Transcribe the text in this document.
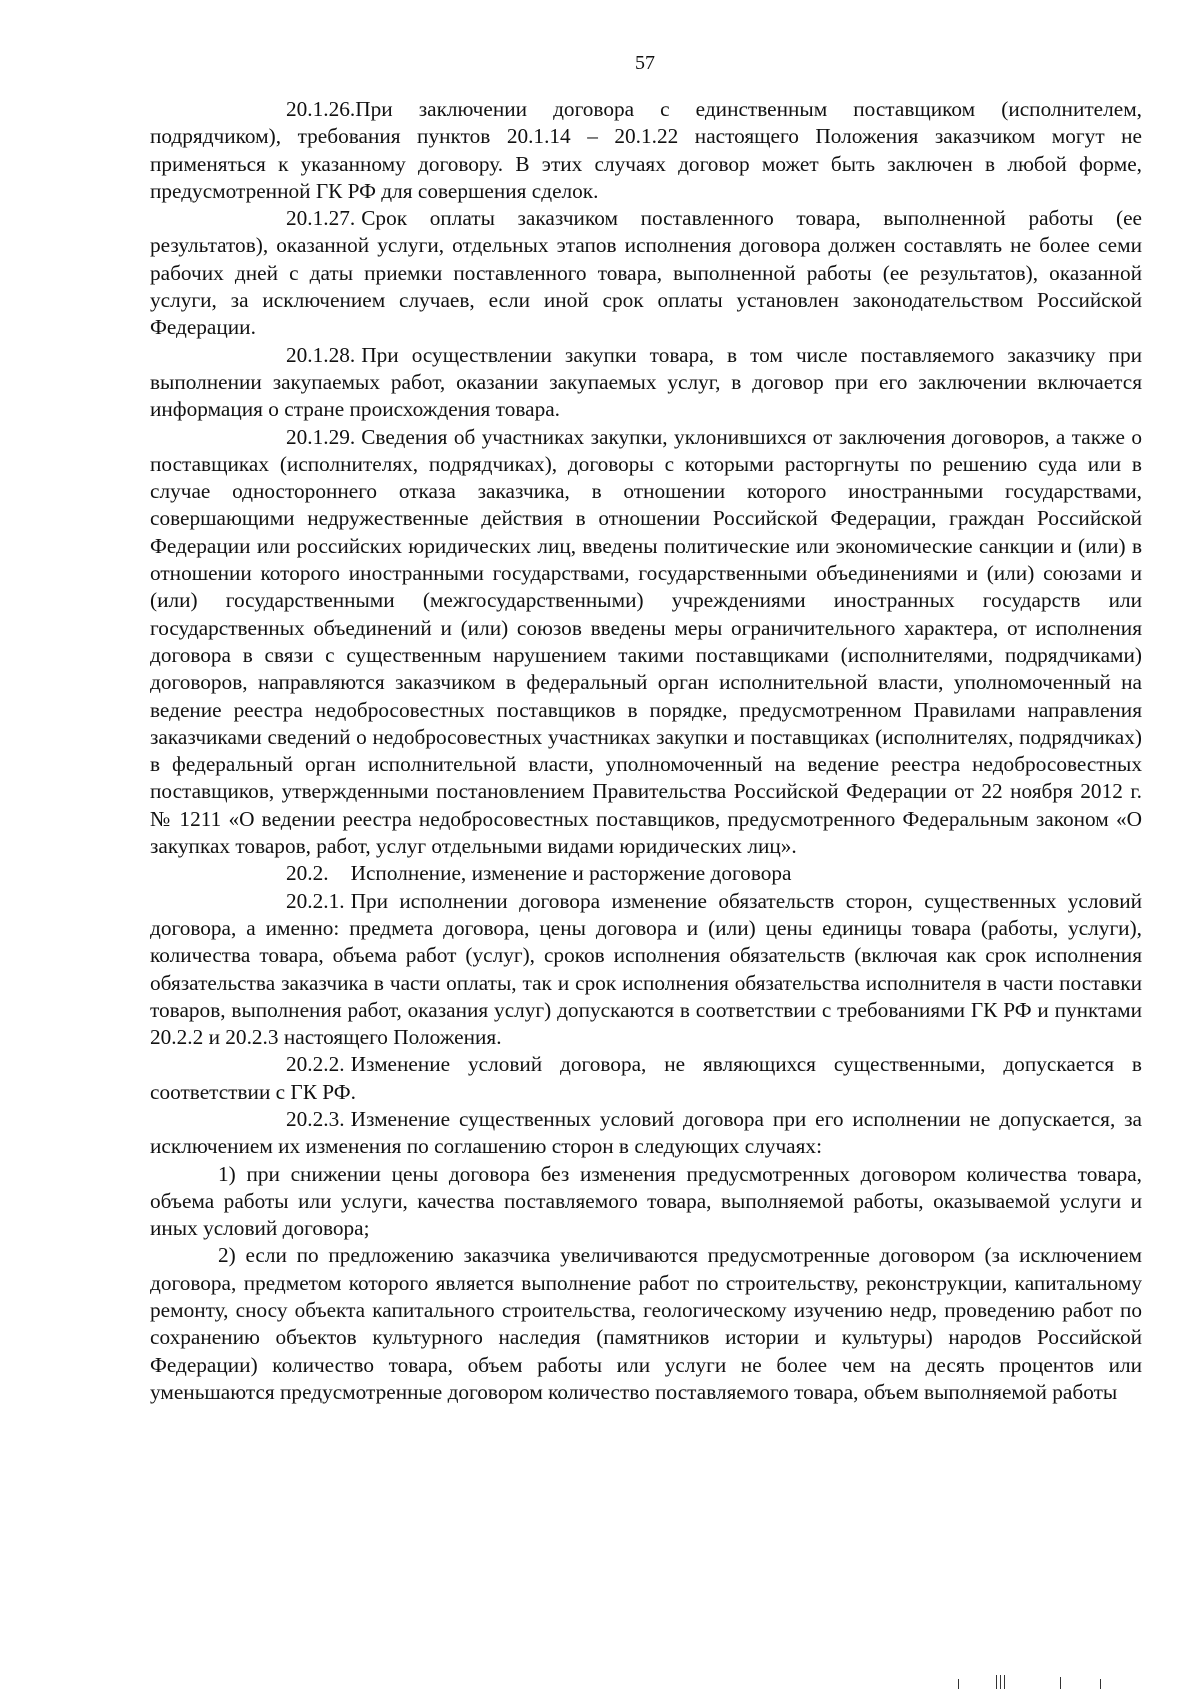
57

20.1.26.При заключении договора с единственным поставщиком (исполнителем, подрядчиком), требования пунктов 20.1.14 – 20.1.22 настоящего Положения заказчиком могут не применяться к указанному договору. В этих случаях договор может быть заключен в любой форме, предусмотренной ГК РФ для совершения сделок.

20.1.27. Срок оплаты заказчиком поставленного товара, выполненной работы (ее результатов), оказанной услуги, отдельных этапов исполнения договора должен составлять не более семи рабочих дней с даты приемки поставленного товара, выполненной работы (ее результатов), оказанной услуги, за исключением случаев, если иной срок оплаты установлен законодательством Российской Федерации.

20.1.28. При осуществлении закупки товара, в том числе поставляемого заказчику при выполнении закупаемых работ, оказании закупаемых услуг, в договор при его заключении включается информация о стране происхождения товара.

20.1.29. Сведения об участниках закупки, уклонившихся от заключения договоров, а также о поставщиках (исполнителях, подрядчиках), договоры с которыми расторгнуты по решению суда или в случае одностороннего отказа заказчика, в отношении которого иностранными государствами, совершающими недружественные действия в отношении Российской Федерации, граждан Российской Федерации или российских юридических лиц, введены политические или экономические санкции и (или) в отношении которого иностранными государствами, государственными объединениями и (или) союзами и (или) государственными (межгосударственными) учреждениями иностранных государств или государственных объединений и (или) союзов введены меры ограничительного характера, от исполнения договора в связи с существенным нарушением такими поставщиками (исполнителями, подрядчиками) договоров, направляются заказчиком в федеральный орган исполнительной власти, уполномоченный на ведение реестра недобросовестных поставщиков в порядке, предусмотренном Правилами направления заказчиками сведений о недобросовестных участниках закупки и поставщиках (исполнителях, подрядчиках) в федеральный орган исполнительной власти, уполномоченный на ведение реестра недобросовестных поставщиков, утвержденными постановлением Правительства Российской Федерации от 22 ноября 2012 г. № 1211 «О ведении реестра недобросовестных поставщиков, предусмотренного Федеральным законом «О закупках товаров, работ, услуг отдельными видами юридических лиц».

20.2. Исполнение, изменение и расторжение договора

20.2.1. При исполнении договора изменение обязательств сторон, существенных условий договора, а именно: предмета договора, цены договора и (или) цены единицы товара (работы, услуги), количества товара, объема работ (услуг), сроков исполнения обязательств (включая как срок исполнения обязательства заказчика в части оплаты, так и срок исполнения обязательства исполнителя в части поставки товаров, выполнения работ, оказания услуг) допускаются в соответствии с требованиями ГК РФ и пунктами 20.2.2 и 20.2.3 настоящего Положения.

20.2.2. Изменение условий договора, не являющихся существенными, допускается в соответствии с ГК РФ.

20.2.3. Изменение существенных условий договора при его исполнении не допускается, за исключением их изменения по соглашению сторон в следующих случаях:

1) при снижении цены договора без изменения предусмотренных договором количества товара, объема работы или услуги, качества поставляемого товара, выполняемой работы, оказываемой услуги и иных условий договора;

2) если по предложению заказчика увеличиваются предусмотренные договором (за исключением договора, предметом которого является выполнение работ по строительству, реконструкции, капитальному ремонту, сносу объекта капитального строительства, геологическому изучению недр, проведению работ по сохранению объектов культурного наследия (памятников истории и культуры) народов Российской Федерации) количество товара, объем работы или услуги не более чем на десять процентов или уменьшаются предусмотренные договором количество поставляемого товара, объем выполняемой работы
